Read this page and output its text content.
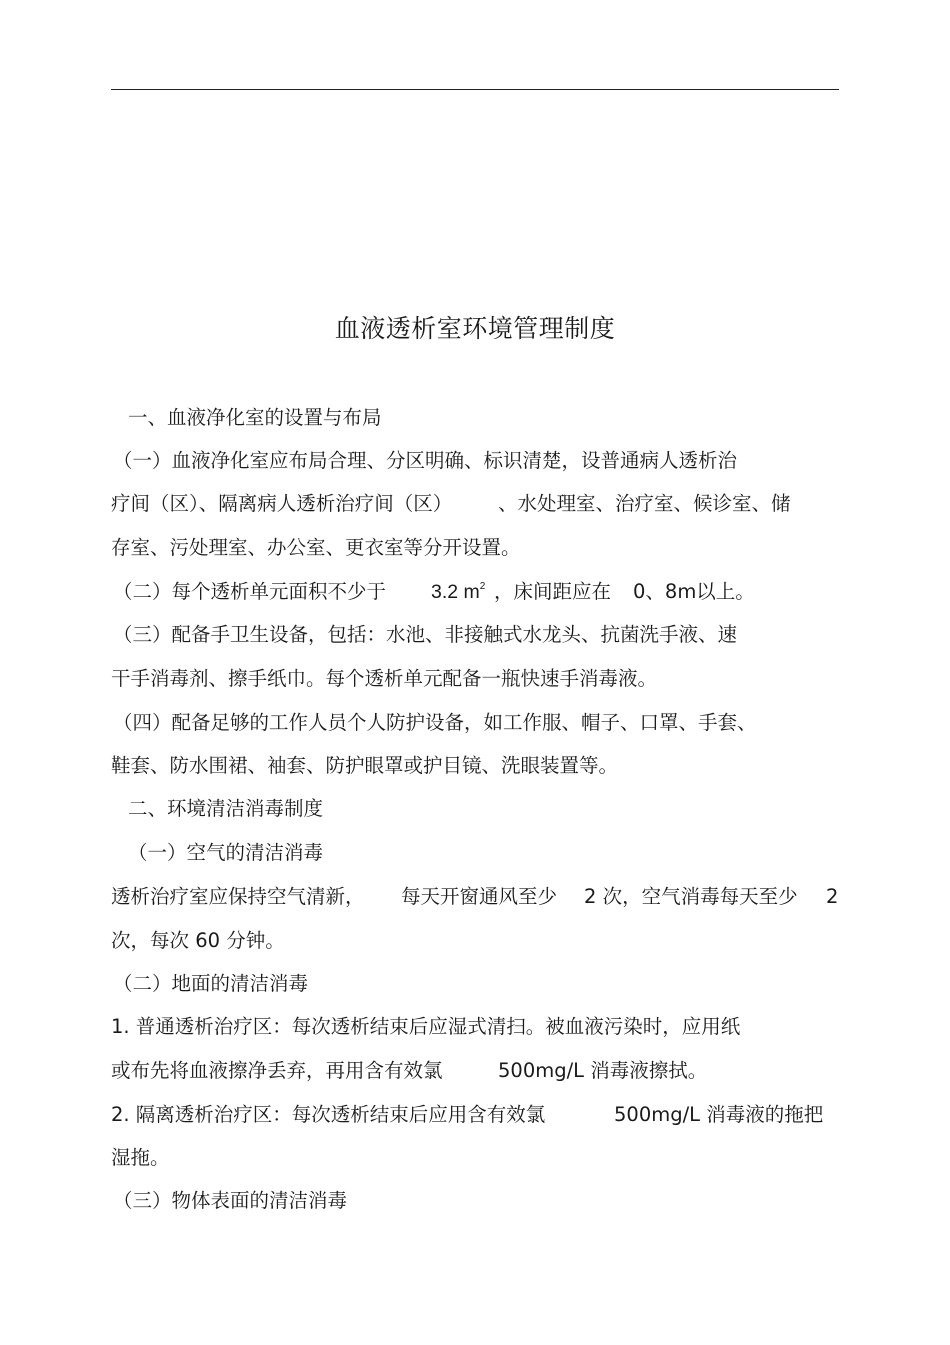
血液透析室环境管理制度
一、血液净化室的设置与布局
（一）血液净化室应布局合理、分区明确、标识清楚，设普通病人透析治
疗间（区）、隔离病人透析治疗间（区） 、水处理室、治疗室、候诊室、储
存室、污处理室、办公室、更衣室等分开设置。
（二）每个透析单元面积不少于 3.2 $m^2$ ，床间距应在 0、8m以上。
（三）配备手卫生设备，包括：水池、非接触式水龙头、抗菌洗手液、速
干手消毒剂、擦手纸巾。每个透析单元配备一瓶快速手消毒液。
（四）配备足够的工作人员个人防护设备，如工作服、帽子、口罩、手套、
鞋套、防水围裙、袖套、防护眼罩或护目镜、洗眼装置等。
二、环境清洁消毒制度
（一）空气的清洁消毒
透析治疗室应保持空气清新， 每天开窗通风至少 2 次，空气消毒每天至少 2
次，每次 60 分钟。
（二）地面的清洁消毒
1. 普通透析治疗区：每次透析结束后应湿式清扫。被血液污染时，应用纸
或布先将血液擦净丢弃，再用含有效氯	500mg/L 消毒液擦拭。
2. 隔离透析治疗区：每次透析结束后应用含有效氯	500mg/L 消毒液的拖把
湿拖。
（三）物体表面的清洁消毒
